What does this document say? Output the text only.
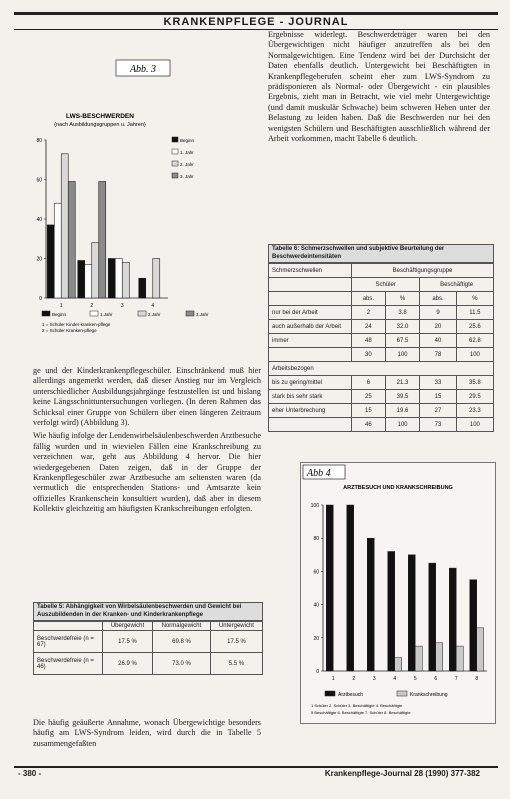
KRANKENPFLEGE - JOURNAL
Abb. 3
LWS-BESCHWERDEN
(nach Ausbildungsgruppen u. Jahren)
0
20
40
60
80
1	2	3	4
Beginn
1. Jahr
2. Jahr
3. Jahr
Beginn	1.Jahr	2.Jahr	3.Jahr
1 = Schüler Kinder-kranken-pflege
2 = Schüler Kranken-pflege

ge und der Kinderkrankenpflegeschüler. Einschränkend muß hier allerdings angemerkt werden, daß dieser Anstieg nur im Vergleich unterschiedlicher Ausbildungsjahrgänge festzustellen ist und bislang keine Längsschnittuntersuchungen vorliegen. (In deren Rahmen das Schicksal einer Gruppe von Schülern über einen längeren Zeitraum verfolgt wird) (Abbildung 3).

Wie häufig infolge der Lendenwirbelsäulenbeschwerden Arztbesuche fällig wurden und in wievielen Fällen eine Krankschreibung zu verzeichnen war, geht aus Abbildung 4 hervor. Die hier wiedergegebenen Daten zeigen, daß in der Gruppe der Krankenpflegeschüler zwar Arztbesuche am seltensten waren (da vermutlich die entsprechenden Stations- und Amtsarzte kein offizielles Krankenschein konsultiert wurden), daß aber in diesem Kollektiv gleichzeitig am häufigsten Krankschreibungen erfolgten.

Tabelle 5: Abhängigkeit von Wirbelsäulenbeschwerden und Gewicht bei Auszubildenden in der Kranken- und Kinderkrankenpflege
	Übergewicht	Normalgewicht	Untergewicht
Beschwerdefreie (n = 67)	17.5 %	69.8 %	17.5 %
Beschwerdefreie (n = 46)	26.9 %	73.0 %	5.5 %

Die häufig geäußerte Annahme, wonach Übergewichtige besonders häufig am LWS-Syndrom leiden, wird durch die in Tabelle 5 zusammengefaßten

Ergebnisse widerlegt. Beschwerdeträger waren bei den Übergewichtigen nicht häufiger anzutreffen als bei den Normalgewichtigen. Eine Tendenz wird bei der Durchsicht der Daten ebenfalls deutlich. Untergewicht bei Beschäftigten in Krankenpflegeberufen scheint eher zum LWS-Syndrom zu prädisponieren als Normal- oder Übergewicht - ein plausibles Ergebnis, zieht man in Betracht, wie viel mehr Untergewichtige (und damit muskulär Schwache) beim schweren Heben unter der Belastung zu leiden haben. Daß die Beschwerden nur bei den wenigsten Schülern und Beschäftigten ausschließlich während der Arbeit vorkommen, macht Tabelle 6 deutlich.

Tabelle 6: Schmerzschwellen und subjektive Beurteilung der Beschwerdeintensitäten
Schmerzschwellen	Beschäftigungsgruppe			
	Schüler		Beschäftigte	
	abs.	%	abs.	%
nur bei der Arbeit	2	3.8	9	11.5
auch außerhalb der Arbeit	24	32.0	20	25.6
immer	48	67.5	40	62.8
	30	100	78	100
Arbeitsbezogen				
bis zu gering/mittel	6	21.3	33	35.8
stark bis sehr stark	25	39.5	15	29.5
eher Unterbrechung	15	19.6	27	23.3
	46	100	73	100
Abb 4
ARZTBESUCH UND KRANKSCHREIBUNG
0
20
40
60
80
100
1	2	3	4	5	6	7	8
Arztbesuch	Krankschreibung
1 Schüler 2. Schüler 3. Beschäftigte 4. Beschäftigte
5 Beschäftigte 6. Beschäftigte 7. Schüler 8. Beschäftigte
- 380 -	Krankenpflege-Journal 28 (1990) 377-382
